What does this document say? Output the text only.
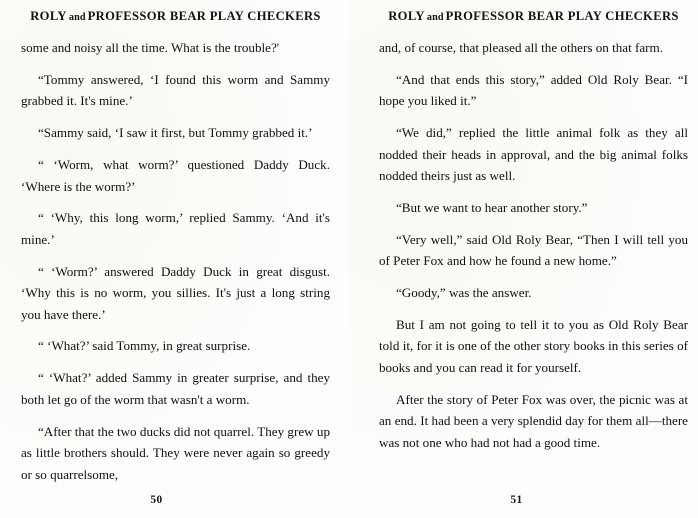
ROLY and PROFESSOR BEAR PLAY CHECKERS

some and noisy all the time. What is the trouble?'

“Tommy answered, ‘I found this worm and Sammy grabbed it. It's mine.’

“Sammy said, ‘I saw it first, but Tommy grabbed it.’

“ ‘Worm, what worm?’ questioned Daddy Duck. ‘Where is the worm?’

“ ‘Why, this long worm,’ replied Sammy. ‘And it's mine.’

“ ‘Worm?’ answered Daddy Duck in great disgust. ‘Why this is no worm, you sillies. It's just a long string you have there.’

“ ‘What?’ said Tommy, in great surprise.

“ ‘What?’ added Sammy in greater surprise, and they both let go of the worm that wasn't a worm.

“After that the two ducks did not quarrel. They grew up as little brothers should. They were never again so greedy or so quarrelsome,

50
ROLY and PROFESSOR BEAR PLAY CHECKERS

and, of course, that pleased all the others on that farm.

“And that ends this story,” added Old Roly Bear. “I hope you liked it.”

“We did,” replied the little animal folk as they all nodded their heads in approval, and the big animal folks nodded theirs just as well.

“But we want to hear another story.”

“Very well,” said Old Roly Bear, “Then I will tell you of Peter Fox and how he found a new home.”

“Goody,” was the answer.

But I am not going to tell it to you as Old Roly Bear told it, for it is one of the other story books in this series of books and you can read it for yourself.

After the story of Peter Fox was over, the picnic was at an end. It had been a very splendid day for them all—there was not one who had not had a good time.

51
